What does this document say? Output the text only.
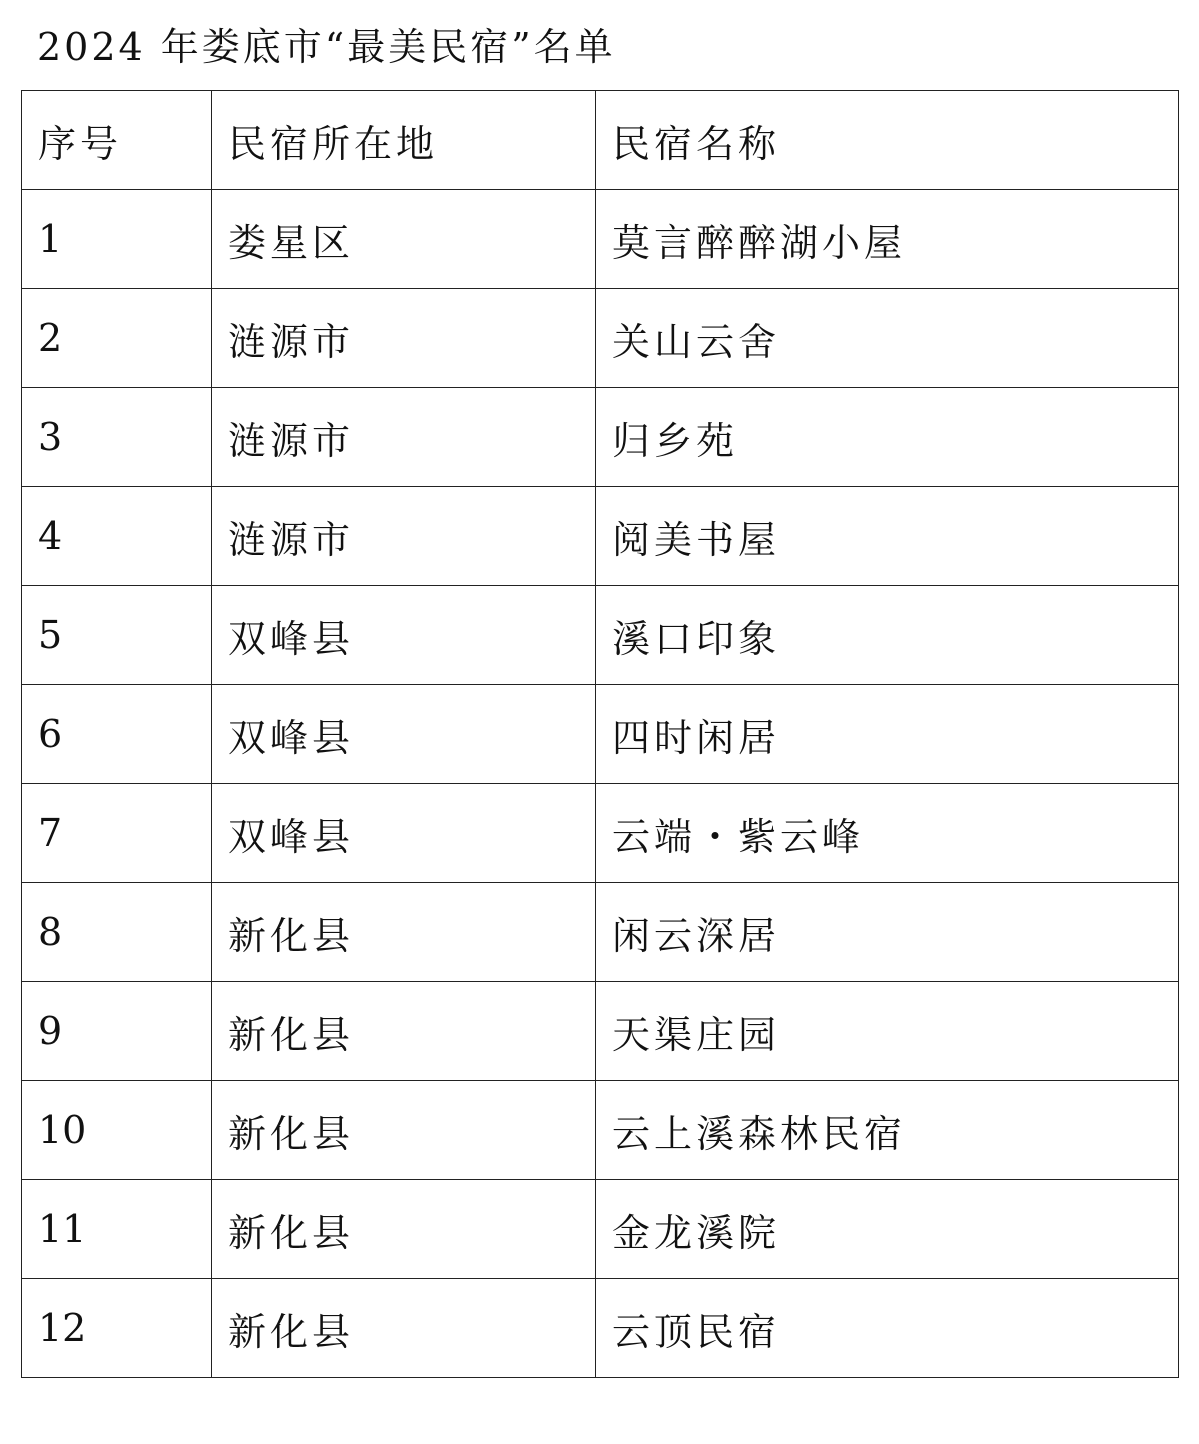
2024 年娄底市“最美民宿”名单
序号	民宿所在地	民宿名称
1	娄星区	莫言醉醉湖小屋
2	涟源市	关山云舍
3	涟源市	归乡苑
4	涟源市	阅美书屋
5	双峰县	溪口印象
6	双峰县	四时闲居
7	双峰县	云端・紫云峰
8	新化县	闲云深居
9	新化县	天渠庄园
10	新化县	云上溪森林民宿
11	新化县	金龙溪院
12	新化县	云顶民宿
